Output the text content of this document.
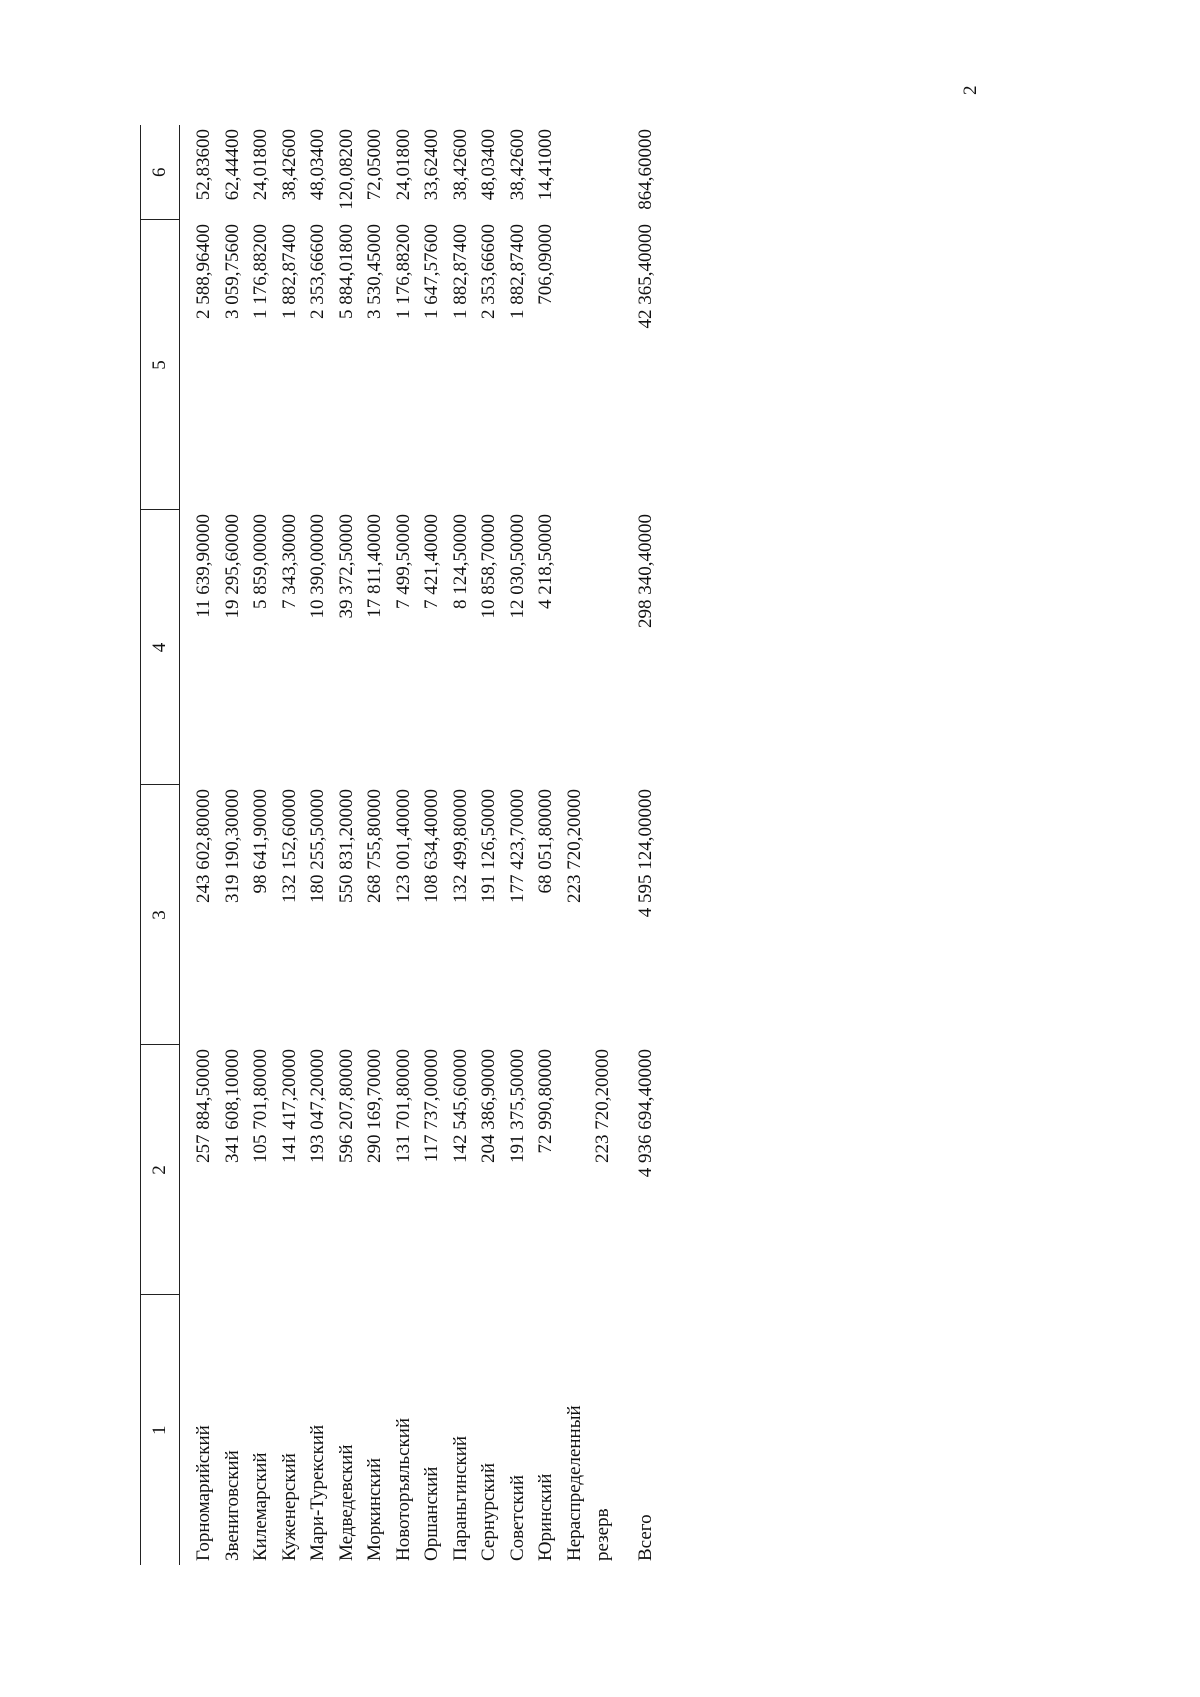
2
1	2	3	4	5	6
Горномарийский	257 884,50000	243 602,80000	11 639,90000	2 588,96400	52,83600
Звениговский	341 608,10000	319 190,30000	19 295,60000	3 059,75600	62,44400
Килемарский	105 701,80000	98 641,90000	5 859,00000	1 176,88200	24,01800
Куженерский	141 417,20000	132 152,60000	7 343,30000	1 882,87400	38,42600
Мари-Турекский	193 047,20000	180 255,50000	10 390,00000	2 353,66600	48,03400
Медведевский	596 207,80000	550 831,20000	39 372,50000	5 884,01800	120,08200
Моркинский	290 169,70000	268 755,80000	17 811,40000	3 530,45000	72,05000
Новоторъяльский	131 701,80000	123 001,40000	7 499,50000	1 176,88200	24,01800
Оршанский	117 737,00000	108 634,40000	7 421,40000	1 647,57600	33,62400
Параньгинский	142 545,60000	132 499,80000	8 124,50000	1 882,87400	38,42600
Сернурский	204 386,90000	191 126,50000	10 858,70000	2 353,66600	48,03400
Советский	191 375,50000	177 423,70000	12 030,50000	1 882,87400	38,42600
Юринский	72 990,80000	68 051,80000	4 218,50000	706,09000	14,41000

Нераспределенный резерв	223 720,20000	223 720,20000			

Всего	4 936 694,40000	4 595 124,00000	298 340,40000	42 365,40000	864,60000
